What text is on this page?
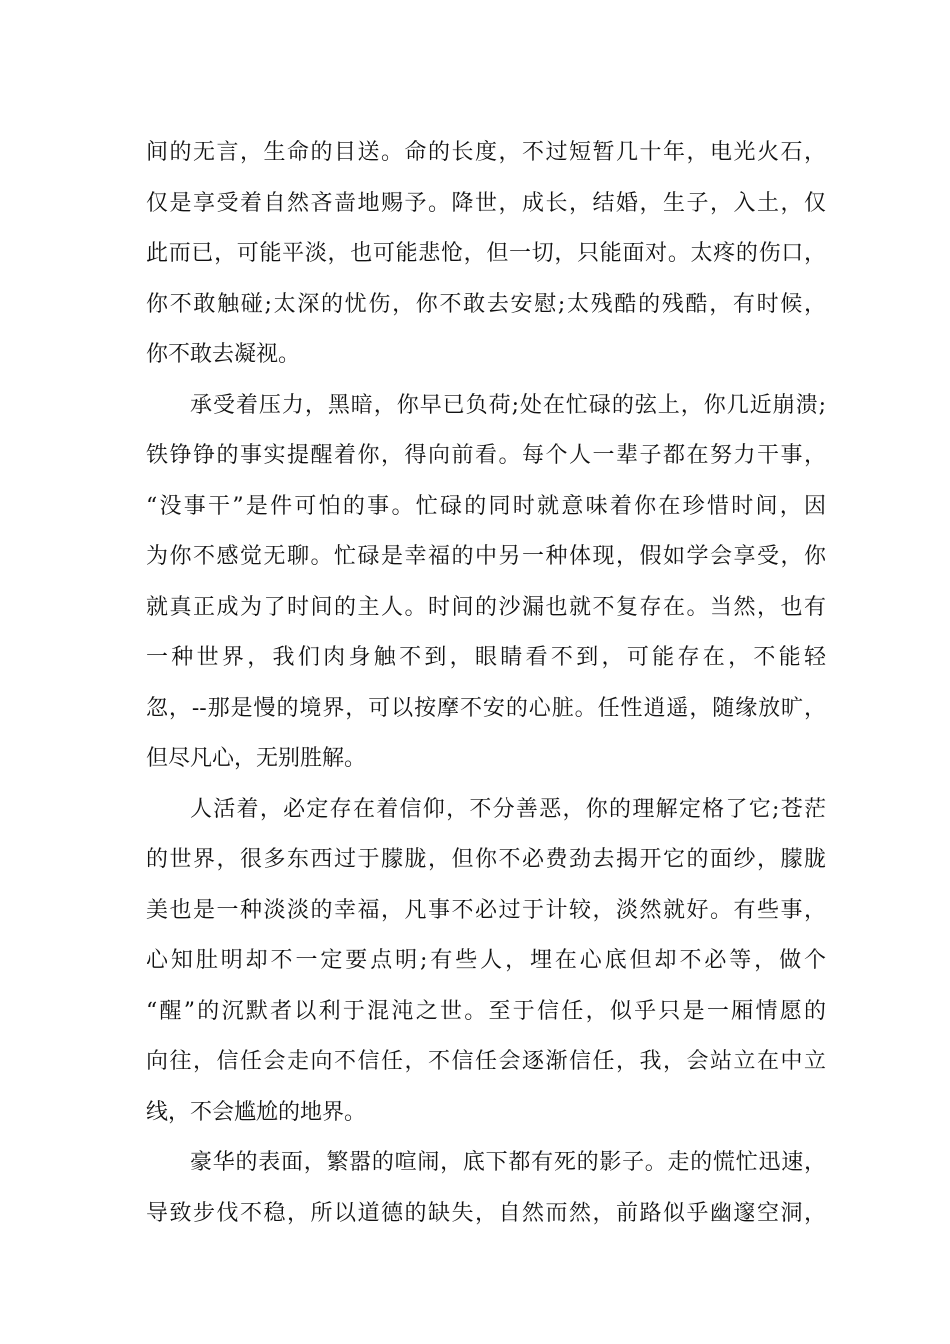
间的无言，生命的目送。命的长度，不过短暂几十年，电光火石，
仅是享受着自然吝啬地赐予。降世，成长，结婚，生子，入土，仅
此而已，可能平淡，也可能悲怆，但一切，只能面对。太疼的伤口，
你不敢触碰;太深的忧伤，你不敢去安慰;太残酷的残酷，有时候，
你不敢去凝视。
承受着压力，黑暗，你早已负荷;处在忙碌的弦上，你几近崩溃;
铁铮铮的事实提醒着你，得向前看。每个人一辈子都在努力干事，
“没事干”是件可怕的事。忙碌的同时就意味着你在珍惜时间，因
为你不感觉无聊。忙碌是幸福的中另一种体现，假如学会享受，你
就真正成为了时间的主人。时间的沙漏也就不复存在。当然，也有
一种世界，我们肉身触不到，眼睛看不到，可能存在，不能轻
忽，--那是慢的境界，可以按摩不安的心脏。任性逍遥，随缘放旷，
但尽凡心，无别胜解。
人活着，必定存在着信仰，不分善恶，你的理解定格了它;苍茫
的世界，很多东西过于朦胧，但你不必费劲去揭开它的面纱，朦胧
美也是一种淡淡的幸福，凡事不必过于计较，淡然就好。有些事，
心知肚明却不一定要点明;有些人，埋在心底但却不必等，做个
“醒”的沉默者以利于混沌之世。至于信任，似乎只是一厢情愿的
向往，信任会走向不信任，不信任会逐渐信任，我，会站立在中立
线，不会尴尬的地界。
豪华的表面，繁嚣的喧闹，底下都有死的影子。走的慌忙迅速，
导致步伐不稳，所以道德的缺失，自然而然，前路似乎幽邃空洞，
